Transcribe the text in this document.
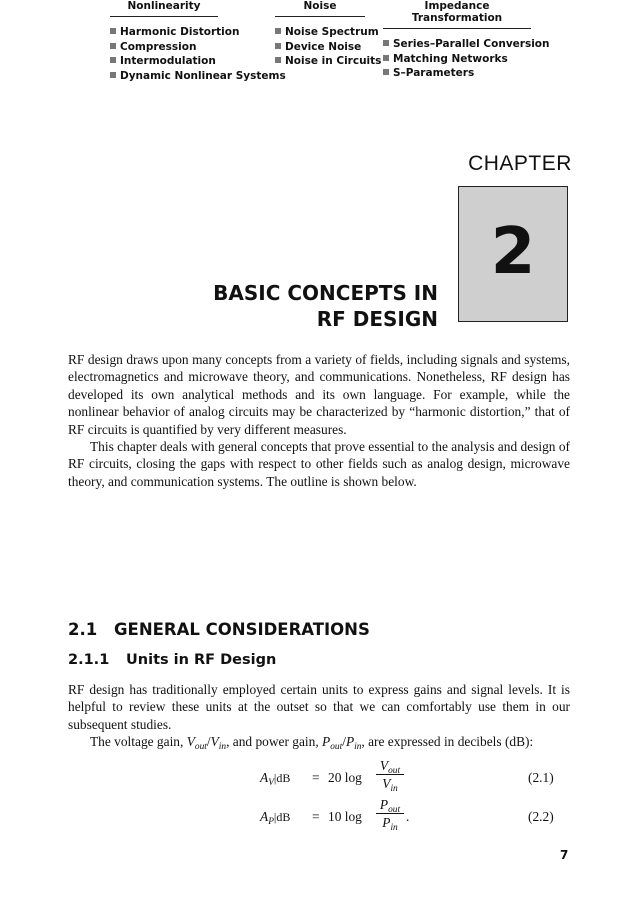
CHAPTER
2
BASIC CONCEPTS IN
RF DESIGN

RF design draws upon many concepts from a variety of fields, including signals and systems, electromagnetics and microwave theory, and communications. Nonetheless, RF design has developed its own analytical methods and its own language. For example, while the nonlinear behavior of analog circuits may be characterized by “harmonic distortion,” that of RF circuits is quantified by very different measures.

This chapter deals with general concepts that prove essential to the analysis and design of RF circuits, closing the gaps with respect to other fields such as analog design, microwave theory, and communication systems. The outline is shown below.

Nonlinearity
Harmonic Distortion
Compression
Intermodulation
Dynamic Nonlinear Systems
Noise
Noise Spectrum
Device Noise
Noise in Circuits
Impedance Transformation
Series–Parallel Conversion
Matching Networks
S–Parameters
2.1 GENERAL CONSIDERATIONS
2.1.1 Units in RF Design

RF design has traditionally employed certain units to express gains and signal levels. It is helpful to review these units at the outset so that we can comfortably use them in our subsequent studies.

The voltage gain, $V_{out}/V_{in}$, and power gain, $P_{out}/P_{in}$, are expressed in decibels (dB):

$A_V|dB = 20$ log
$V_{out}$
$V_{in}$
(2.1)
$A_P|dB = 10$ log
$P_{out}$
$P_{in}$
.	(2.2)
7
